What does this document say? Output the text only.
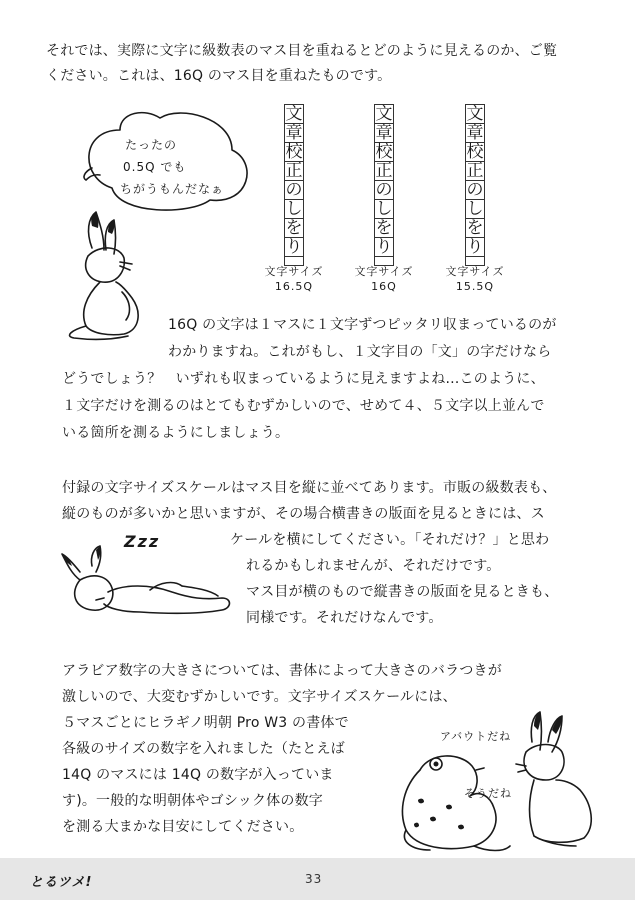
それでは、実際に文字に級数表のマス目を重ねるとどのように見えるのか、ご覧
ください。これは、16Q のマス目を重ねたものです。
たったの
0.5Q でも
ちがうもんだなぁ
文
章
校
正
の
し
を
り
文
章
校
正
の
し
を
り
文
章
校
正
の
し
を
り
文字サイズ
16.5Q
文字サイズ
16Q
文字サイズ
15.5Q
16Q の文字は１マスに１文字ずつピッタリ収まっているのが
わかりますね。これがもし、１文字目の「文」の字だけなら
どうでしょう？　いずれも収まっているように見えますよね…このように、
１文字だけを測るのはとてもむずかしいので、せめて４、５文字以上並んで
いる箇所を測るようにしましょう。
付録の文字サイズスケールはマス目を縦に並べてあります。市販の級数表も、
縦のものが多いかと思いますが、その場合横書きの版面を見るときには、ス
ケールを横にしてください。「それだけ？」と思わ
れるかもしれませんが、それだけです。
マス目が横のもので縦書きの版面を見るときも、
同様です。それだけなんです。
Zzz
アラビア数字の大きさについては、書体によって大きさのバラつきが
激しいので、大変むずかしいです。文字サイズスケールには、
５マスごとにヒラギノ明朝 Pro W3 の書体で
各級のサイズの数字を入れました（たとえば
14Q のマスには 14Q の数字が入っていま
す)。一般的な明朝体やゴシック体の数字
を測る大まかな目安にしてください。
アバウトだね
そうだね
とるツメ!	33
